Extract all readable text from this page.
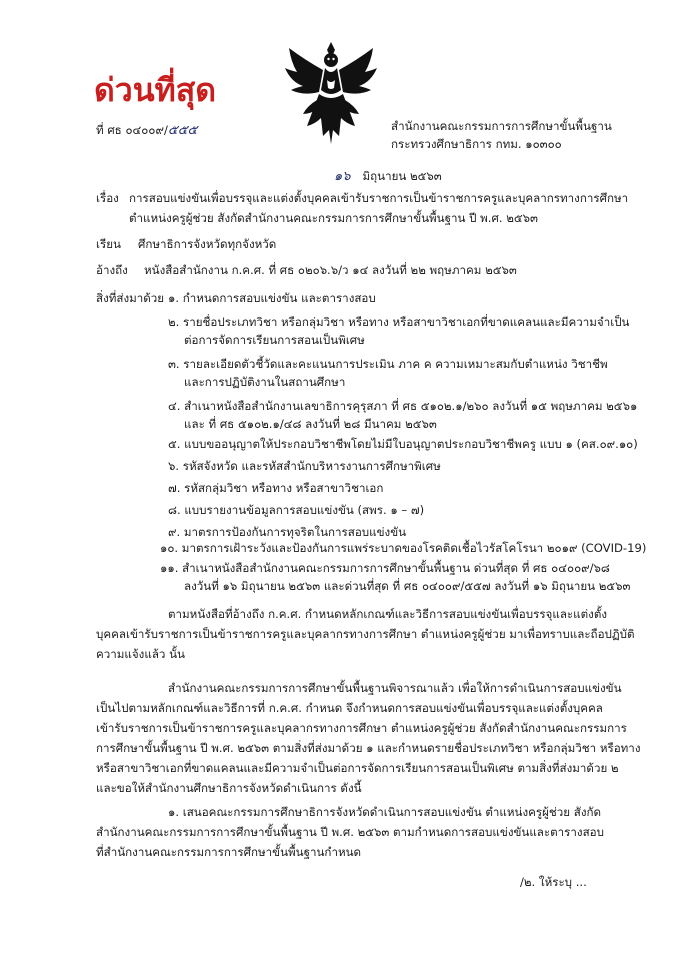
ด่วนที่สุด
ที่ ศธ ๐๔๐๐๙/๕๕๕	สำนักงานคณะกรรมการการศึกษาขั้นพื้นฐาน
กระทรวงศึกษาธิการ กทม. ๑๐๓๐๐
๑๖ มิถุนายน ๒๕๖๓
เรื่อง การสอบแข่งขันเพื่อบรรจุและแต่งตั้งบุคคลเข้ารับราชการเป็นข้าราชการครูและบุคลากรทางการศึกษา
ตำแหน่งครูผู้ช่วย สังกัดสำนักงานคณะกรรมการการศึกษาขั้นพื้นฐาน ปี พ.ศ. ๒๕๖๓
เรียน ศึกษาธิการจังหวัดทุกจังหวัด
อ้างถึง หนังสือสำนักงาน ก.ค.ศ. ที่ ศธ ๐๒๐๖.๖/ว ๑๔ ลงวันที่ ๒๒ พฤษภาคม ๒๕๖๓
สิ่งที่ส่งมาด้วย ๑. กำหนดการสอบแข่งขัน และตารางสอบ
๒. รายชื่อประเภทวิชา หรือกลุ่มวิชา หรือทาง หรือสาขาวิชาเอกที่ขาดแคลนและมีความจำเป็น
ต่อการจัดการเรียนการสอนเป็นพิเศษ
๓. รายละเอียดตัวชี้วัดและคะแนนการประเมิน ภาค ค ความเหมาะสมกับตำแหน่ง วิชาชีพ
และการปฏิบัติงานในสถานศึกษา
๔. สำเนาหนังสือสำนักงานเลขาธิการคุรุสภา ที่ ศธ ๕๑๐๒.๑/๒๖๐ ลงวันที่ ๑๕ พฤษภาคม ๒๕๖๑
และ ที่ ศธ ๕๑๐๒.๑/๔๘ ลงวันที่ ๒๘ มีนาคม ๒๕๖๓
๕. แบบขออนุญาตให้ประกอบวิชาชีพโดยไม่มีใบอนุญาตประกอบวิชาชีพครู แบบ ๑ (คส.๐๙.๑๐)
๖. รหัสจังหวัด และรหัสสำนักบริหารงานการศึกษาพิเศษ
๗. รหัสกลุ่มวิชา หรือทาง หรือสาขาวิชาเอก
๘. แบบรายงานข้อมูลการสอบแข่งขัน (สพร. ๑ – ๗)
๙. มาตรการป้องกันการทุจริตในการสอบแข่งขัน
๑๐. มาตรการเฝ้าระวังและป้องกันการแพร่ระบาดของโรคติดเชื้อไวรัสโคโรนา ๒๐๑๙ (COVID-19)
๑๑. สำเนาหนังสือสำนักงานคณะกรรมการการศึกษาขั้นพื้นฐาน ด่วนที่สุด ที่ ศธ ๐๔๐๐๙/๖๘
ลงวันที่ ๑๖ มิถุนายน ๒๕๖๓ และด่วนที่สุด ที่ ศธ ๐๔๐๐๙/๕๕๗ ลงวันที่ ๑๖ มิถุนายน ๒๕๖๓
ตามหนังสือที่อ้างถึง ก.ค.ศ. กำหนดหลักเกณฑ์และวิธีการสอบแข่งขันเพื่อบรรจุและแต่งตั้ง
บุคคลเข้ารับราชการเป็นข้าราชการครูและบุคลากรทางการศึกษา ตำแหน่งครูผู้ช่วย มาเพื่อทราบและถือปฏิบัติ
ความแจ้งแล้ว นั้น
สำนักงานคณะกรรมการการศึกษาขั้นพื้นฐานพิจารณาแล้ว เพื่อให้การดำเนินการสอบแข่งขัน
เป็นไปตามหลักเกณฑ์และวิธีการที่ ก.ค.ศ. กำหนด จึงกำหนดการสอบแข่งขันเพื่อบรรจุและแต่งตั้งบุคคล
เข้ารับราชการเป็นข้าราชการครูและบุคลากรทางการศึกษา ตำแหน่งครูผู้ช่วย สังกัดสำนักงานคณะกรรมการ
การศึกษาขั้นพื้นฐาน ปี พ.ศ. ๒๕๖๓ ตามสิ่งที่ส่งมาด้วย ๑ และกำหนดรายชื่อประเภทวิชา หรือกลุ่มวิชา หรือทาง
หรือสาขาวิชาเอกที่ขาดแคลนและมีความจำเป็นต่อการจัดการเรียนการสอนเป็นพิเศษ ตามสิ่งที่ส่งมาด้วย ๒
และขอให้สำนักงานศึกษาธิการจังหวัดดำเนินการ ดังนี้
๑. เสนอคณะกรรมการศึกษาธิการจังหวัดดำเนินการสอบแข่งขัน ตำแหน่งครูผู้ช่วย สังกัด
สำนักงานคณะกรรมการการศึกษาขั้นพื้นฐาน ปี พ.ศ. ๒๕๖๓ ตามกำหนดการสอบแข่งขันและตารางสอบ
ที่สำนักงานคณะกรรมการการศึกษาขั้นพื้นฐานกำหนด
/๒. ให้ระบุ ...
